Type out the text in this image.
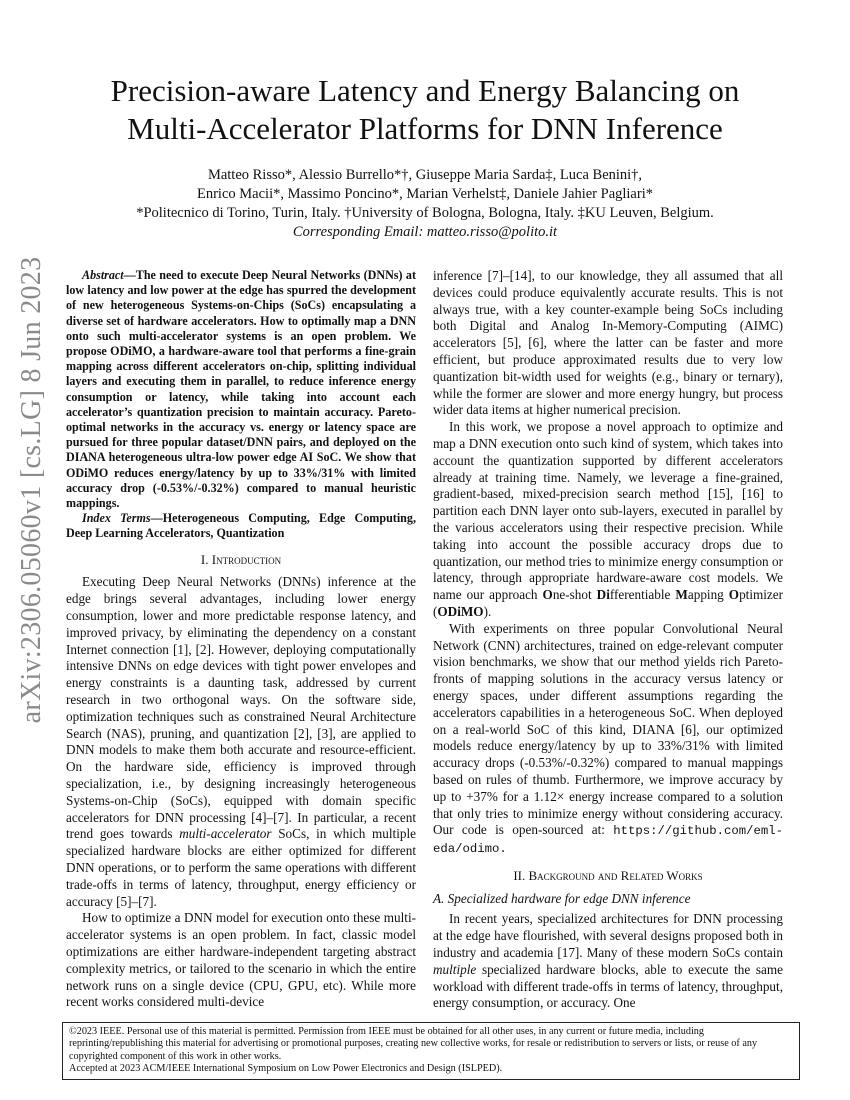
arXiv:2306.05060v1 [cs.LG] 8 Jun 2023
Precision-aware Latency and Energy Balancing on
Multi-Accelerator Platforms for DNN Inference
Matteo Risso*, Alessio Burrello*†, Giuseppe Maria Sarda‡, Luca Benini†,
Enrico Macii*, Massimo Poncino*, Marian Verhelst‡, Daniele Jahier Pagliari*
*Politecnico di Torino, Turin, Italy. †University of Bologna, Bologna, Italy. ‡KU Leuven, Belgium.
Corresponding Email: matteo.risso@polito.it

Abstract—The need to execute Deep Neural Networks (DNNs) at low latency and low power at the edge has spurred the development of new heterogeneous Systems-on-Chips (SoCs) encapsulating a diverse set of hardware accelerators. How to optimally map a DNN onto such multi-accelerator systems is an open problem. We propose ODiMO, a hardware-aware tool that performs a fine-grain mapping across different accelerators on-chip, splitting individual layers and executing them in parallel, to reduce inference energy consumption or latency, while taking into account each accelerator’s quantization precision to maintain accuracy. Pareto-optimal networks in the accuracy vs. energy or latency space are pursued for three popular dataset/DNN pairs, and deployed on the DIANA heterogeneous ultra-low power edge AI SoC. We show that ODiMO reduces energy/latency by up to 33%/31% with limited accuracy drop (-0.53%/-0.32%) compared to manual heuristic mappings.

Index Terms—Heterogeneous Computing, Edge Computing, Deep Learning Accelerators, Quantization

I. Introduction

Executing Deep Neural Networks (DNNs) inference at the edge brings several advantages, including lower energy consumption, lower and more predictable response latency, and improved privacy, by eliminating the dependency on a constant Internet connection [1], [2]. However, deploying computationally intensive DNNs on edge devices with tight power envelopes and energy constraints is a daunting task, addressed by current research in two orthogonal ways. On the software side, optimization techniques such as constrained Neural Architecture Search (NAS), pruning, and quantization [2], [3], are applied to DNN models to make them both accurate and resource-efficient. On the hardware side, efficiency is improved through specialization, i.e., by designing increasingly heterogeneous Systems-on-Chip (SoCs), equipped with domain specific accelerators for DNN processing [4]–[7]. In particular, a recent trend goes towards multi-accelerator SoCs, in which multiple specialized hardware blocks are either optimized for different DNN operations, or to perform the same operations with different trade-offs in terms of latency, throughput, energy efficiency or accuracy [5]–[7].

How to optimize a DNN model for execution onto these multi-accelerator systems is an open problem. In fact, classic model optimizations are either hardware-independent targeting abstract complexity metrics, or tailored to the scenario in which the entire network runs on a single device (CPU, GPU, etc). While more recent works considered multi-device

inference [7]–[14], to our knowledge, they all assumed that all devices could produce equivalently accurate results. This is not always true, with a key counter-example being SoCs including both Digital and Analog In-Memory-Computing (AIMC) accelerators [5], [6], where the latter can be faster and more efficient, but produce approximated results due to very low quantization bit-width used for weights (e.g., binary or ternary), while the former are slower and more energy hungry, but process wider data items at higher numerical precision.

In this work, we propose a novel approach to optimize and map a DNN execution onto such kind of system, which takes into account the quantization supported by different accelerators already at training time. Namely, we leverage a fine-grained, gradient-based, mixed-precision search method [15], [16] to partition each DNN layer onto sub-layers, executed in parallel by the various accelerators using their respective precision. While taking into account the possible accuracy drops due to quantization, our method tries to minimize energy consumption or latency, through appropriate hardware-aware cost models. We name our approach One-shot Differentiable Mapping Optimizer (ODiMO).

With experiments on three popular Convolutional Neural Network (CNN) architectures, trained on edge-relevant computer vision benchmarks, we show that our method yields rich Pareto-fronts of mapping solutions in the accuracy versus latency or energy spaces, under different assumptions regarding the accelerators capabilities in a heterogeneous SoC. When deployed on a real-world SoC of this kind, DIANA [6], our optimized models reduce energy/latency by up to 33%/31% with limited accuracy drops (-0.53%/-0.32%) compared to manual mappings based on rules of thumb. Furthermore, we improve accuracy by up to +37% for a 1.12× energy increase compared to a solution that only tries to minimize energy without considering accuracy. Our code is open-sourced at: https://github.com/eml-eda/odimo.

II. Background and Related Works
A. Specialized hardware for edge DNN inference

In recent years, specialized architectures for DNN processing at the edge have flourished, with several designs proposed both in industry and academia [17]. Many of these modern SoCs contain multiple specialized hardware blocks, able to execute the same workload with different trade-offs in terms of latency, throughput, energy consumption, or accuracy. One

©2023 IEEE. Personal use of this material is permitted. Permission from IEEE must be obtained for all other uses, in any current or future media, including reprinting/republishing this material for advertising or promotional purposes, creating new collective works, for resale or redistribution to servers or lists, or reuse of any copyrighted component of this work in other works.
Accepted at 2023 ACM/IEEE International Symposium on Low Power Electronics and Design (ISLPED).
